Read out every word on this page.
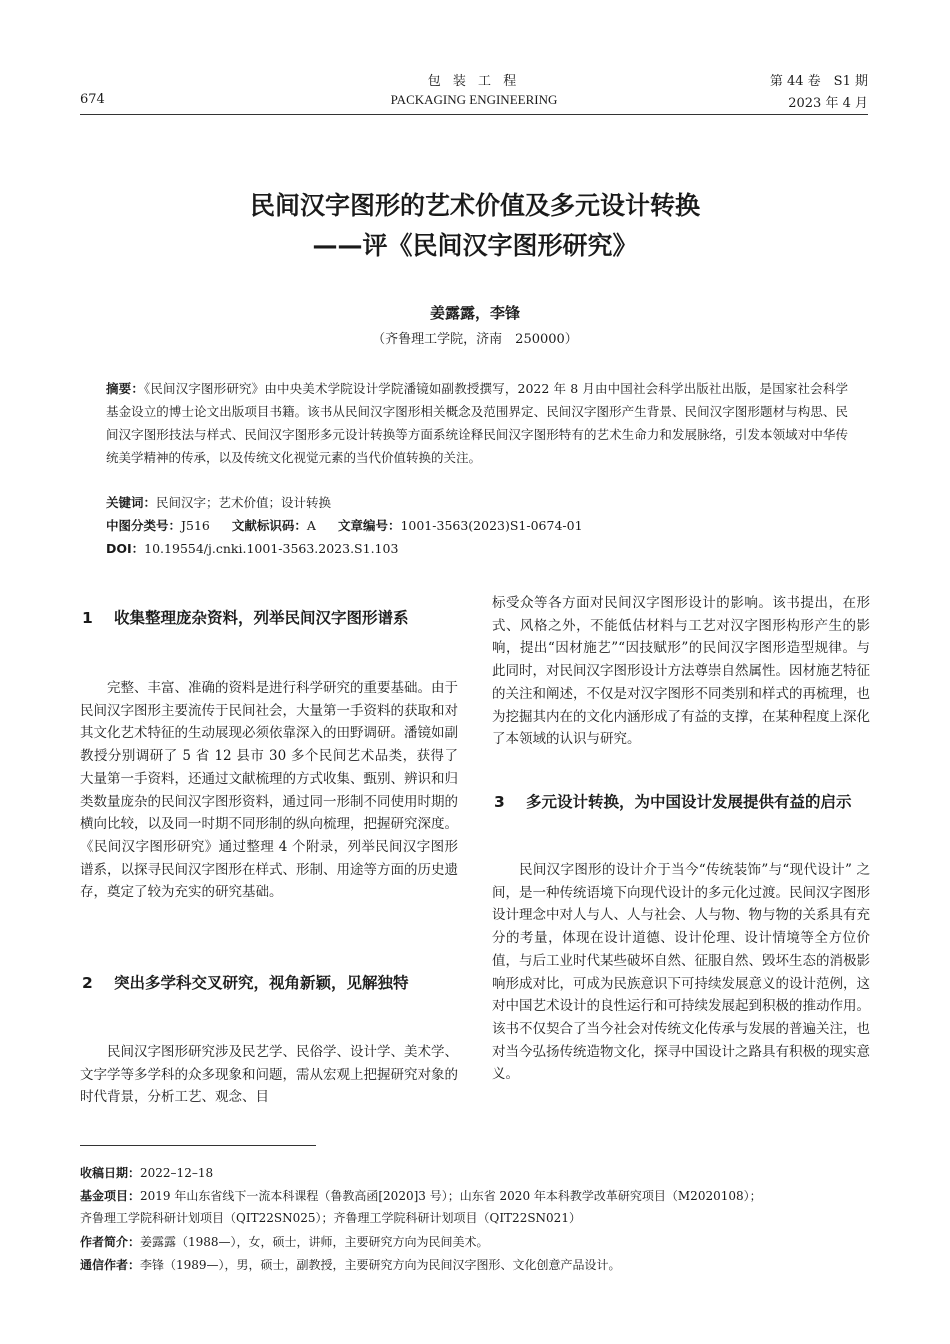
674
包 装 工 程
PACKAGING ENGINEERING
第 44 卷　S1 期
2023 年 4 月
民间汉字图形的艺术价值及多元设计转换
——评《民间汉字图形研究》
姜露露，李锋
（齐鲁理工学院，济南　250000）
摘要：《民间汉字图形研究》由中央美术学院设计学院潘镜如副教授撰写，2022 年 8 月由中国社会科学出版社出版，是国家社会科学基金设立的博士论文出版项目书籍。该书从民间汉字图形相关概念及范围界定、民间汉字图形产生背景、民间汉字图形题材与构思、民间汉字图形技法与样式、民间汉字图形多元设计转换等方面系统诠释民间汉字图形特有的艺术生命力和发展脉络，引发本领域对中华传统美学精神的传承，以及传统文化视觉元素的当代价值转换的关注。
关键词：民间汉字；艺术价值；设计转换
中图分类号：J516 文献标识码：A 文章编号：1001-3563(2023)S1-0674-01
DOI：10.19554/j.cnki.1001-3563.2023.S1.103
1	收集整理庞杂资料，列举民间汉字图形谱系
完整、丰富、准确的资料是进行科学研究的重要基础。由于民间汉字图形主要流传于民间社会，大量第一手资料的获取和对其文化艺术特征的生动展现必须依靠深入的田野调研。潘镜如副教授分别调研了 5 省 12 县市 30 多个民间艺术品类，获得了大量第一手资料，还通过文献梳理的方式收集、甄别、辨识和归类数量庞杂的民间汉字图形资料，通过同一形制不同使用时期的横向比较，以及同一时期不同形制的纵向梳理，把握研究深度。《民间汉字图形研究》通过整理 4 个附录，列举民间汉字图形谱系，以探寻民间汉字图形在样式、形制、用途等方面的历史遗存，奠定了较为充实的研究基础。
2	突出多学科交叉研究，视角新颖，见解独特
民间汉字图形研究涉及民艺学、民俗学、设计学、美术学、文字学等多学科的众多现象和问题，需从宏观上把握研究对象的时代背景，分析工艺、观念、目
标受众等各方面对民间汉字图形设计的影响。该书提出，在形式、风格之外，不能低估材料与工艺对汉字图形构形产生的影响，提出“因材施艺”“因技赋形”的民间汉字图形造型规律。与此同时，对民间汉字图形设计方法尊崇自然属性。因材施艺特征的关注和阐述，不仅是对汉字图形不同类别和样式的再梳理，也为挖掘其内在的文化内涵形成了有益的支撑，在某种程度上深化了本领域的认识与研究。
3	多元设计转换，为中国设计发展提供有益的启示
民间汉字图形的设计介于当今“传统装饰”与“现代设计” 之间，是一种传统语境下向现代设计的多元化过渡。民间汉字图形设计理念中对人与人、人与社会、人与物、物与物的关系具有充分的考量，体现在设计道德、设计伦理、设计情境等全方位价值，与后工业时代某些破坏自然、征服自然、毁坏生态的消极影响形成对比，可成为民族意识下可持续发展意义的设计范例，这对中国艺术设计的良性运行和可持续发展起到积极的推动作用。该书不仅契合了当今社会对传统文化传承与发展的普遍关注，也对当今弘扬传统造物文化，探寻中国设计之路具有积极的现实意义。
收稿日期：2022–12–18
基金项目：2019 年山东省线下一流本科课程（鲁教高函[2020]3 号）；山东省 2020 年本科教学改革研究项目（M2020108）；
齐鲁理工学院科研计划项目（QIT22SN025）；齐鲁理工学院科研计划项目（QIT22SN021）
作者简介：姜露露（1988—），女，硕士，讲师，主要研究方向为民间美术。
通信作者：李锋（1989—），男，硕士，副教授，主要研究方向为民间汉字图形、文化创意产品设计。
